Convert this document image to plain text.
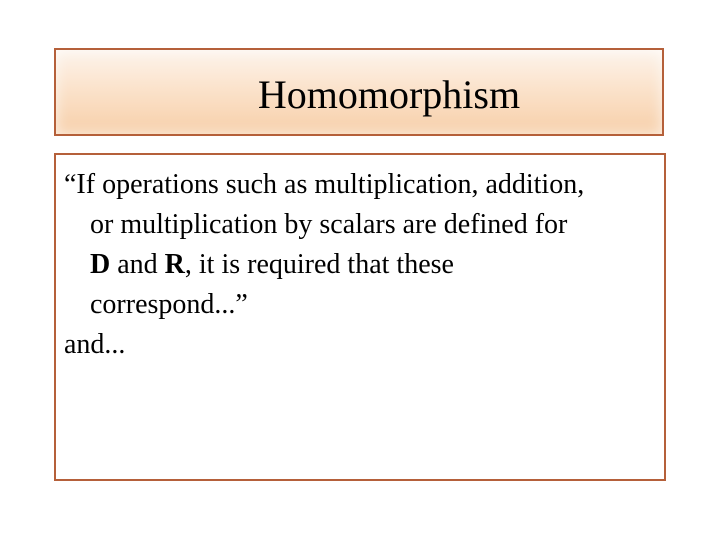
Homomorphism
“If operations such as multiplication, addition,
or multiplication by scalars are defined for
D and R, it is required that these
correspond...”
and...
